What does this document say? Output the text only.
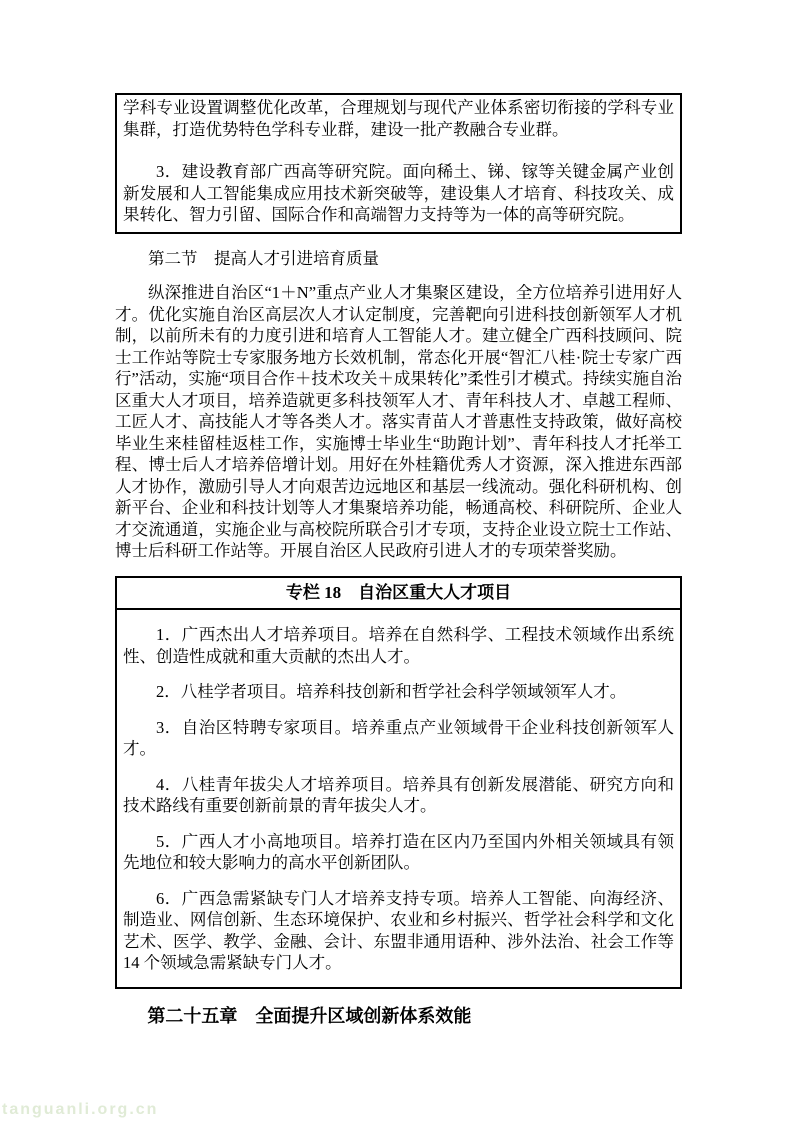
学科专业设置调整优化改革，合理规划与现代产业体系密切衔接的学科专业集群，打造优势特色学科专业群，建设一批产教融合专业群。

3．建设教育部广西高等研究院。面向稀土、锑、镓等关键金属产业创新发展和人工智能集成应用技术新突破等，建设集人才培育、科技攻关、成果转化、智力引留、国际合作和高端智力支持等为一体的高等研究院。

第二节　提高人才引进培育质量

纵深推进自治区“1＋N”重点产业人才集聚区建设，全方位培养引进用好人才。优化实施自治区高层次人才认定制度，完善靶向引进科技创新领军人才机制，以前所未有的力度引进和培育人工智能人才。建立健全广西科技顾问、院士工作站等院士专家服务地方长效机制，常态化开展“智汇八桂·院士专家广西行”活动，实施“项目合作＋技术攻关＋成果转化”柔性引才模式。持续实施自治区重大人才项目，培养造就更多科技领军人才、青年科技人才、卓越工程师、工匠人才、高技能人才等各类人才。落实青苗人才普惠性支持政策，做好高校毕业生来桂留桂返桂工作，实施博士毕业生“助跑计划”、青年科技人才托举工程、博士后人才培养倍增计划。用好在外桂籍优秀人才资源，深入推进东西部人才协作，激励引导人才向艰苦边远地区和基层一线流动。强化科研机构、创新平台、企业和科技计划等人才集聚培养功能，畅通高校、科研院所、企业人才交流通道，实施企业与高校院所联合引才专项，支持企业设立院士工作站、博士后科研工作站等。开展自治区人民政府引进人才的专项荣誉奖励。

专栏 18　自治区重大人才项目

1．广西杰出人才培养项目。培养在自然科学、工程技术领域作出系统性、创造性成就和重大贡献的杰出人才。

2．八桂学者项目。培养科技创新和哲学社会科学领域领军人才。

3．自治区特聘专家项目。培养重点产业领域骨干企业科技创新领军人才。

4．八桂青年拔尖人才培养项目。培养具有创新发展潜能、研究方向和技术路线有重要创新前景的青年拔尖人才。

5．广西人才小高地项目。培养打造在区内乃至国内外相关领域具有领先地位和较大影响力的高水平创新团队。

6．广西急需紧缺专门人才培养支持专项。培养人工智能、向海经济、制造业、网信创新、生态环境保护、农业和乡村振兴、哲学社会科学和文化艺术、医学、教学、金融、会计、东盟非通用语种、涉外法治、社会工作等 14 个领域急需紧缺专门人才。

第二十五章　全面提升区域创新体系效能
tanguanli.org.cn
